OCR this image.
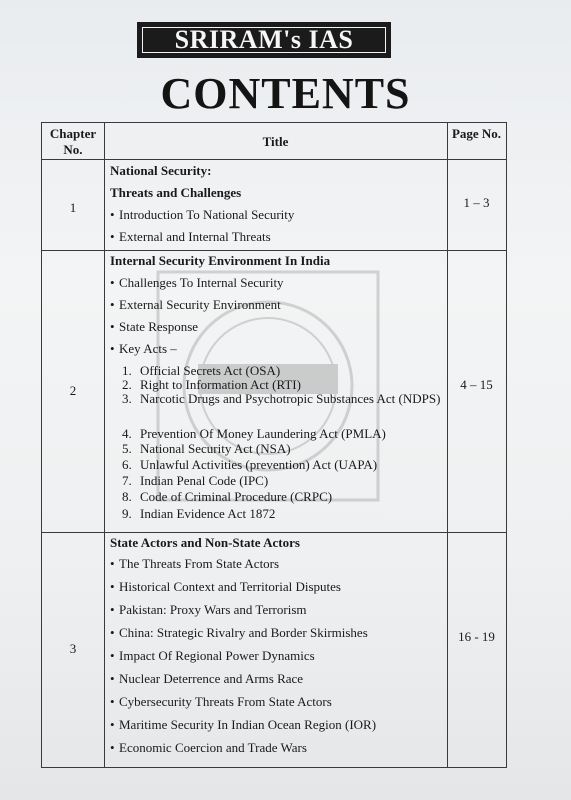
SRIRAM's IAS
CONTENTS
Chapter No.
Title
Page No.
1
National Security:
Threats and Challenges
• Introduction To National Security
• External and Internal Threats
1 – 3
2
Internal Security Environment In India
• Challenges To Internal Security
• External Security Environment
• State Response
• Key Acts –
1. Official Secrets Act (OSA)
2. Right to Information Act (RTI)
3. Narcotic Drugs and Psychotropic Substances Act (NDPS)
4. Prevention Of Money Laundering Act (PMLA)
5. National Security Act (NSA)
6. Unlawful Activities (prevention) Act (UAPA)
7. Indian Penal Code (IPC)
8. Code of Criminal Procedure (CRPC)
9. Indian Evidence Act 1872
4 – 15
3
State Actors and Non-State Actors
• The Threats From State Actors
• Historical Context and Territorial Disputes
• Pakistan: Proxy Wars and Terrorism
• China: Strategic Rivalry and Border Skirmishes
• Impact Of Regional Power Dynamics
• Nuclear Deterrence and Arms Race
• Cybersecurity Threats From State Actors
• Maritime Security In Indian Ocean Region (IOR)
• Economic Coercion and Trade Wars
16 - 19
